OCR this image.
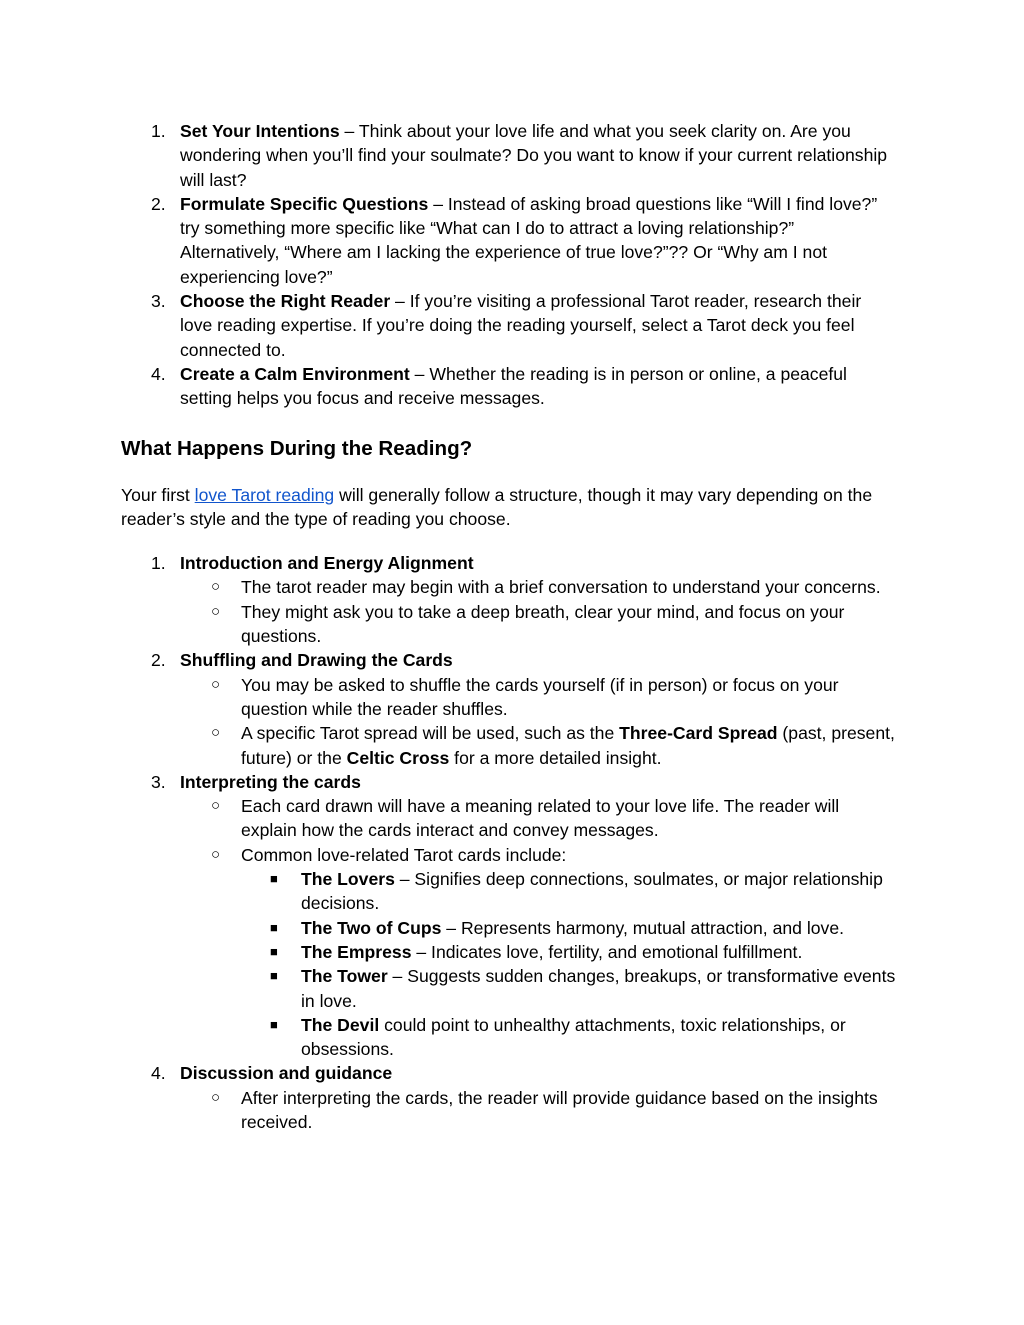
1. Set Your Intentions – Think about your love life and what you seek clarity on. Are you wondering when you’ll find your soulmate? Do you want to know if your current relationship will last?
2. Formulate Specific Questions – Instead of asking broad questions like “Will I find love?” try something more specific like “What can I do to attract a loving relationship?” Alternatively, “Where am I lacking the experience of true love?”?? Or “Why am I not experiencing love?”
3. Choose the Right Reader – If you’re visiting a professional Tarot reader, research their love reading expertise. If you’re doing the reading yourself, select a Tarot deck you feel connected to.
4. Create a Calm Environment – Whether the reading is in person or online, a peaceful setting helps you focus and receive messages.
What Happens During the Reading?

Your first love Tarot reading will generally follow a structure, though it may vary depending on the reader’s style and the type of reading you choose.

1. Introduction and Energy Alignment
○ The tarot reader may begin with a brief conversation to understand your concerns.
○ They might ask you to take a deep breath, clear your mind, and focus on your questions.
2. Shuffling and Drawing the Cards
○ You may be asked to shuffle the cards yourself (if in person) or focus on your question while the reader shuffles.
○ A specific Tarot spread will be used, such as the Three-Card Spread (past, present, future) or the Celtic Cross for a more detailed insight.
3. Interpreting the cards
○ Each card drawn will have a meaning related to your love life. The reader will explain how the cards interact and convey messages.
○ Common love-related Tarot cards include:
■ The Lovers – Signifies deep connections, soulmates, or major relationship decisions.
■ The Two of Cups – Represents harmony, mutual attraction, and love.
■ The Empress – Indicates love, fertility, and emotional fulfillment.
■ The Tower – Suggests sudden changes, breakups, or transformative events in love.
■ The Devil could point to unhealthy attachments, toxic relationships, or obsessions.
4. Discussion and guidance
○ After interpreting the cards, the reader will provide guidance based on the insights received.
